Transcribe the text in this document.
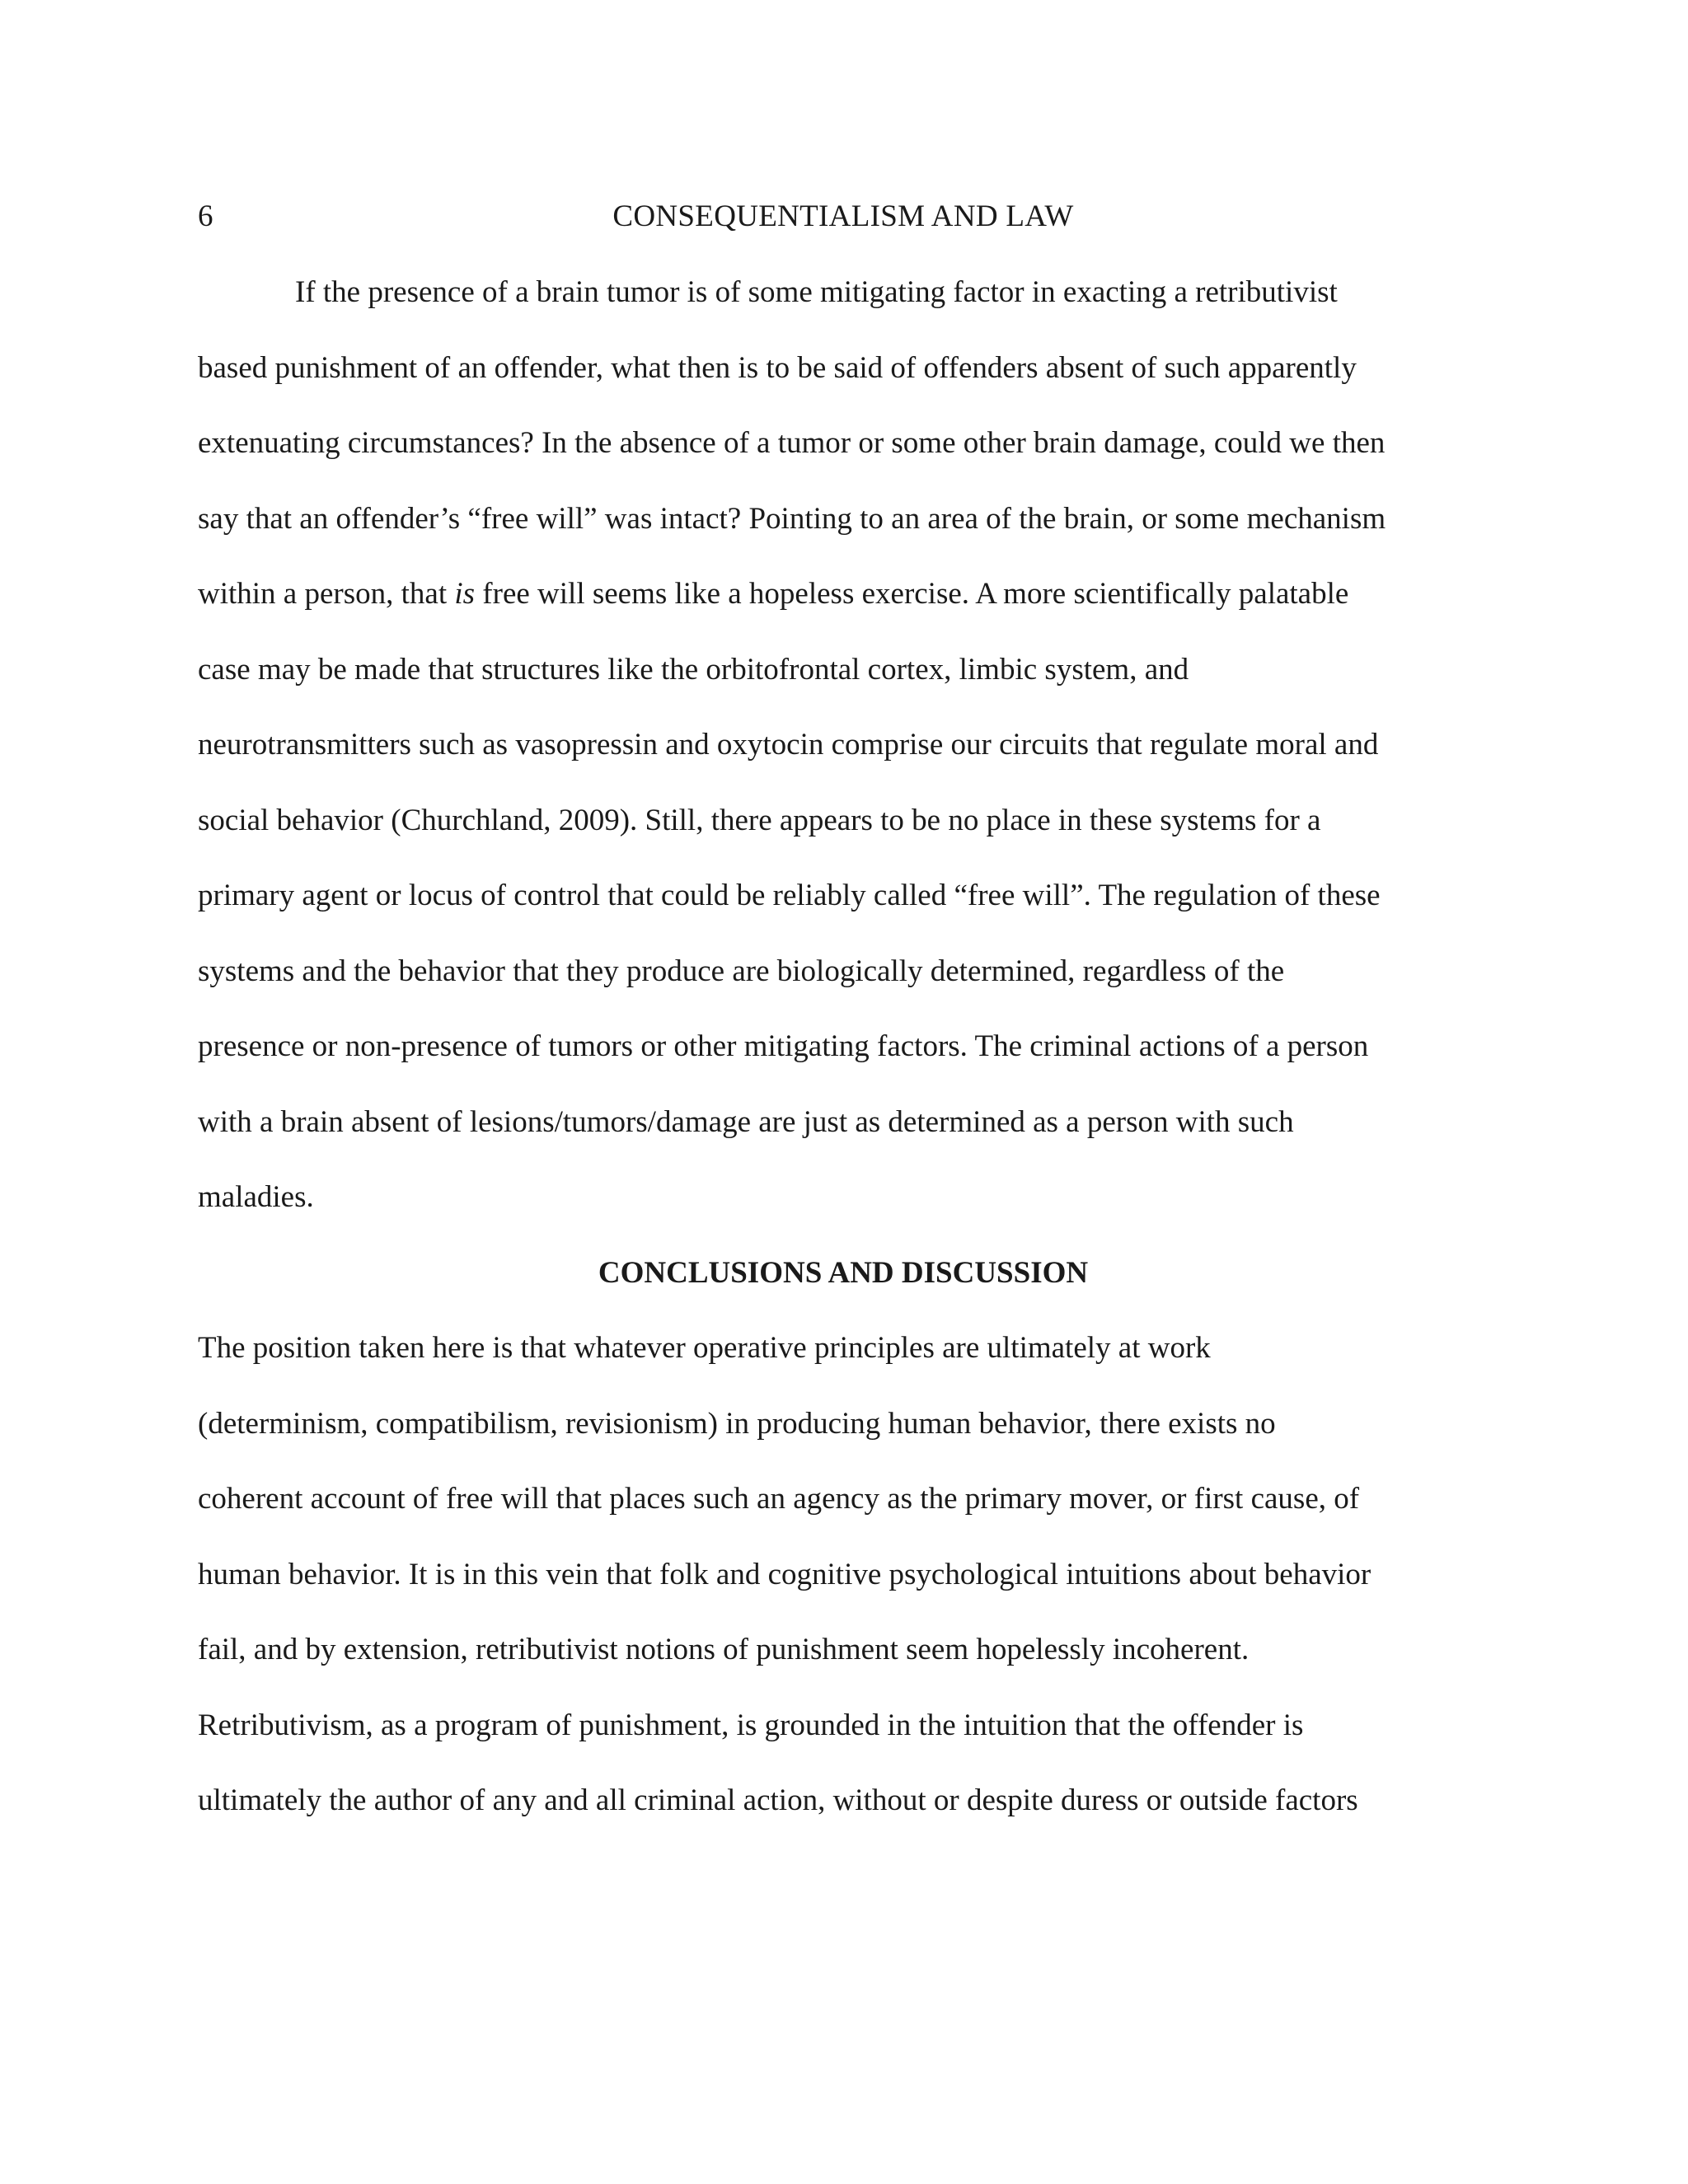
6	CONSEQUENTIALISM AND LAW
If the presence of a brain tumor is of some mitigating factor in exacting a retributivist
based punishment of an offender, what then is to be said of offenders absent of such apparently
extenuating circumstances? In the absence of a tumor or some other brain damage, could we then
say that an offender’s “free will” was intact? Pointing to an area of the brain, or some mechanism
within a person, that is free will seems like a hopeless exercise. A more scientifically palatable
case may be made that structures like the orbitofrontal cortex, limbic system, and
neurotransmitters such as vasopressin and oxytocin comprise our circuits that regulate moral and
social behavior (Churchland, 2009). Still, there appears to be no place in these systems for a
primary agent or locus of control that could be reliably called “free will”. The regulation of these
systems and the behavior that they produce are biologically determined, regardless of the
presence or non-presence of tumors or other mitigating factors. The criminal actions of a person
with a brain absent of lesions/tumors/damage are just as determined as a person with such
maladies.
CONCLUSIONS AND DISCUSSION
The position taken here is that whatever operative principles are ultimately at work
(determinism, compatibilism, revisionism) in producing human behavior, there exists no
coherent account of free will that places such an agency as the primary mover, or first cause, of
human behavior. It is in this vein that folk and cognitive psychological intuitions about behavior
fail, and by extension, retributivist notions of punishment seem hopelessly incoherent.
Retributivism, as a program of punishment, is grounded in the intuition that the offender is
ultimately the author of any and all criminal action, without or despite duress or outside factors
